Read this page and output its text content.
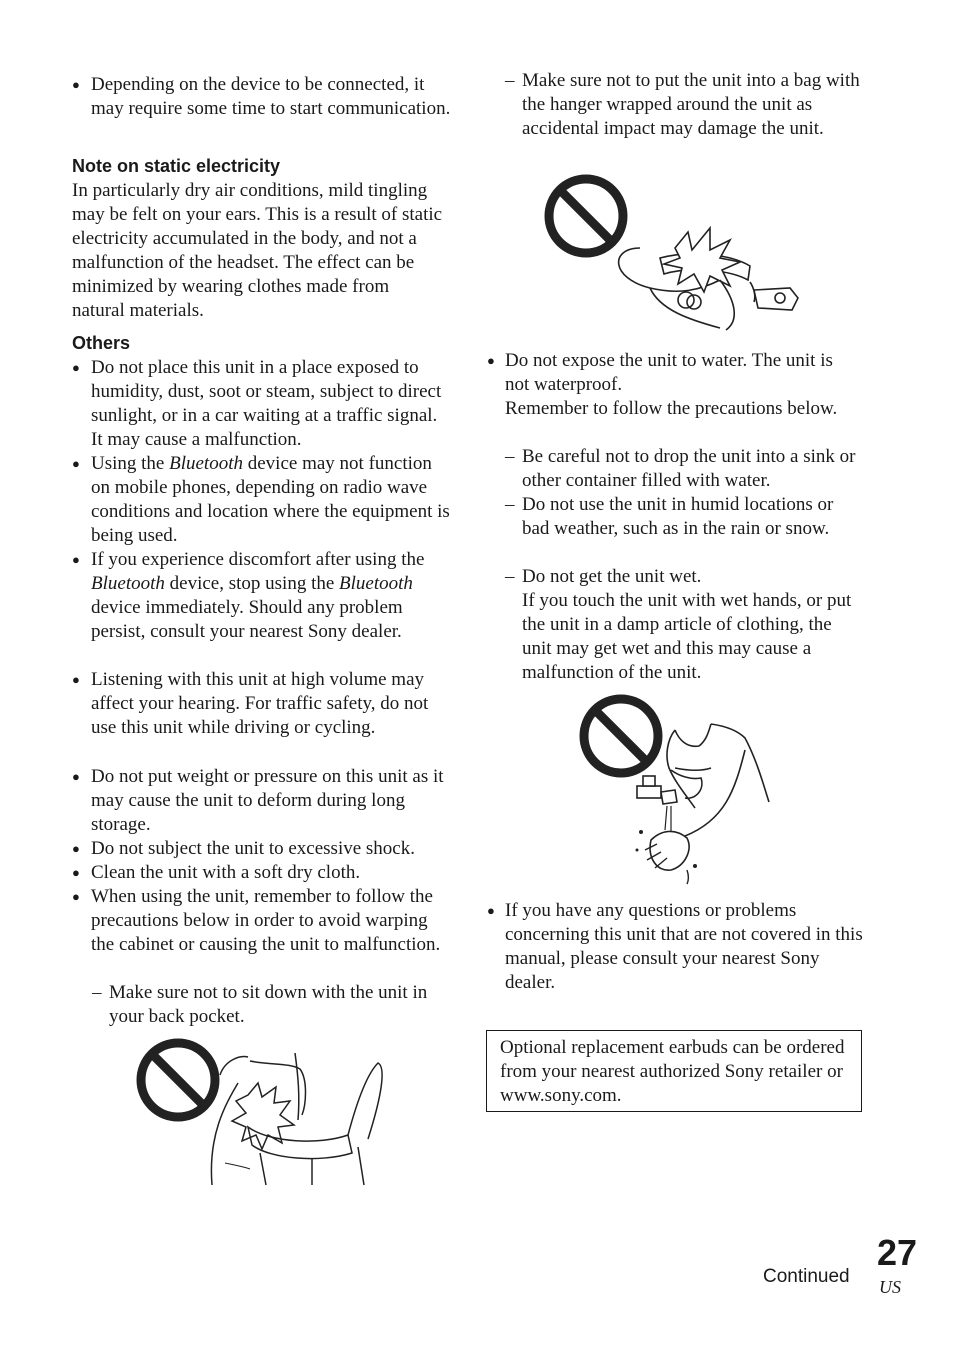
● Depending on the device to be connected, it may require some time to start communication.
Note on static electricity
In particularly dry air conditions, mild tingling may be felt on your ears. This is a result of static electricity accumulated in the body, and not a malfunction of the headset. The effect can be minimized by wearing clothes made from natural materials.
Others
● Do not place this unit in a place exposed to humidity, dust, soot or steam, subject to direct sunlight, or in a car waiting at a traffic signal. It may cause a malfunction.
● Using the Bluetooth device may not function on mobile phones, depending on radio wave conditions and location where the equipment is being used.
● If you experience discomfort after using the Bluetooth device, stop using the Bluetooth device immediately. Should any problem persist, consult your nearest Sony dealer.
● Listening with this unit at high volume may affect your hearing. For traffic safety, do not use this unit while driving or cycling.
● Do not put weight or pressure on this unit as it may cause the unit to deform during long storage.
● Do not subject the unit to excessive shock.
● Clean the unit with a soft dry cloth.
● When using the unit, remember to follow the precautions below in order to avoid warping the cabinet or causing the unit to malfunction.
– Make sure not to sit down with the unit in your back pocket.
– Make sure not to put the unit into a bag with the hanger wrapped around the unit as accidental impact may damage the unit.
● Do not expose the unit to water. The unit is not waterproof.
Remember to follow the precautions below.
– Be careful not to drop the unit into a sink or other container filled with water.
– Do not use the unit in humid locations or bad weather, such as in the rain or snow.
– Do not get the unit wet.
If you touch the unit with wet hands, or put the unit in a damp article of clothing, the unit may get wet and this may cause a malfunction of the unit.
● If you have any questions or problems concerning this unit that are not covered in this manual, please consult your nearest Sony dealer.
Optional replacement earbuds can be ordered from your nearest authorized Sony retailer or www.sony.com.
Continued
27
US
